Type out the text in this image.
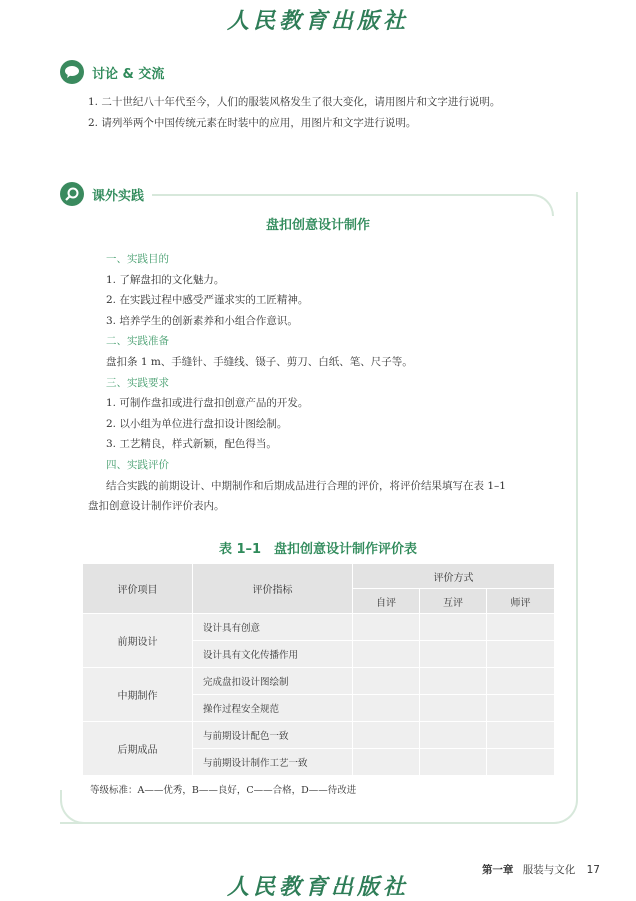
人民教育出版社
讨论 & 交流
1. 二十世纪八十年代至今，人们的服装风格发生了很大变化，请用图片和文字进行说明。
2. 请列举两个中国传统元素在时装中的应用，用图片和文字进行说明。
课外实践
盘扣创意设计制作
一、实践目的
1. 了解盘扣的文化魅力。
2. 在实践过程中感受严谨求实的工匠精神。
3. 培养学生的创新素养和小组合作意识。
二、实践准备
盘扣条 1 m、手缝针、手缝线、镊子、剪刀、白纸、笔、尺子等。
三、实践要求
1. 可制作盘扣或进行盘扣创意产品的开发。
2. 以小组为单位进行盘扣设计图绘制。
3. 工艺精良，样式新颖，配色得当。
四、实践评价
结合实践的前期设计、中期制作和后期成品进行合理的评价，将评价结果填写在表 1–1
盘扣创意设计制作评价表内。
表 1–1　盘扣创意设计制作评价表
评价项目	评价指标	评价方式		
		自评	互评	师评
前期设计	设计具有创意			
	设计具有文化传播作用			
中期制作	完成盘扣设计图绘制			
	操作过程安全规范			
后期成品	与前期设计配色一致			
	与前期设计制作工艺一致			
等级标准：A——优秀，B——良好，C——合格，D——待改进
第一章 服装与文化 17
人民教育出版社
